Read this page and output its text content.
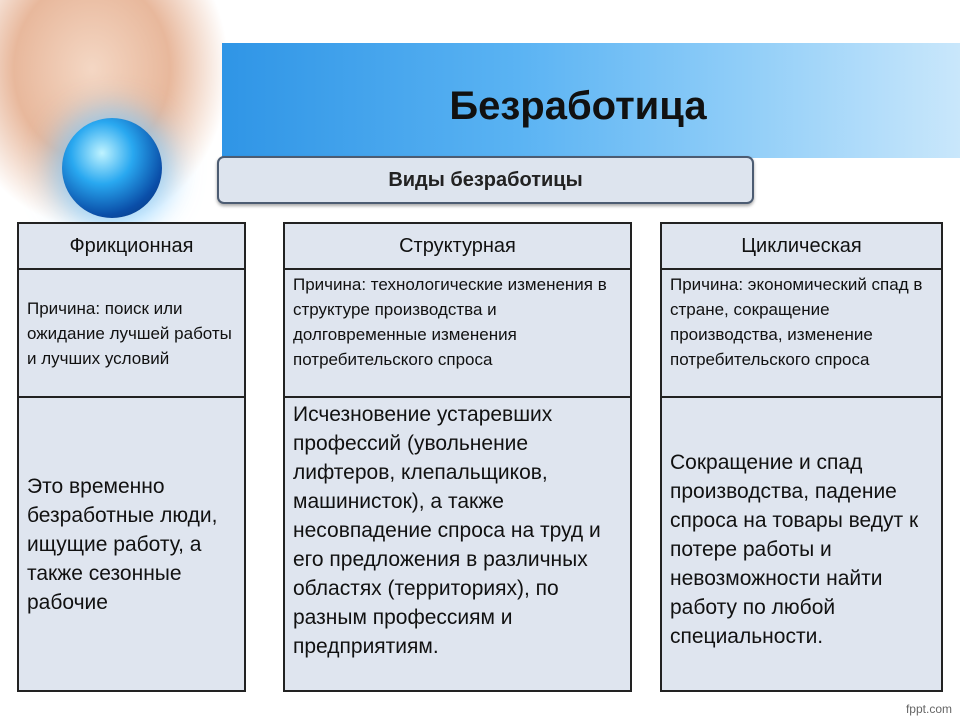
Безработица
Виды безработицы
Фрикционная
Причина: поиск или ожидание лучшей работы и лучших условий
Это временно безработные люди, ищущие работу, а также сезонные рабочие
Структурная
Причина: технологические изменения в структуре производства и долговременные изменения потребительского спроса
Исчезновение устаревших профессий (увольнение лифтеров, клепальщиков, машинисток), а также несовпадение спроса на труд и его предложения в различных областях (территориях), по разным профессиям и предприятиям.
Циклическая
Причина: экономический спад в стране, сокращение производства, изменение потребительского спроса
Сокращение и спад производства, падение спроса на товары ведут к потере работы и невозможности найти работу по любой специальности.
fppt.com
